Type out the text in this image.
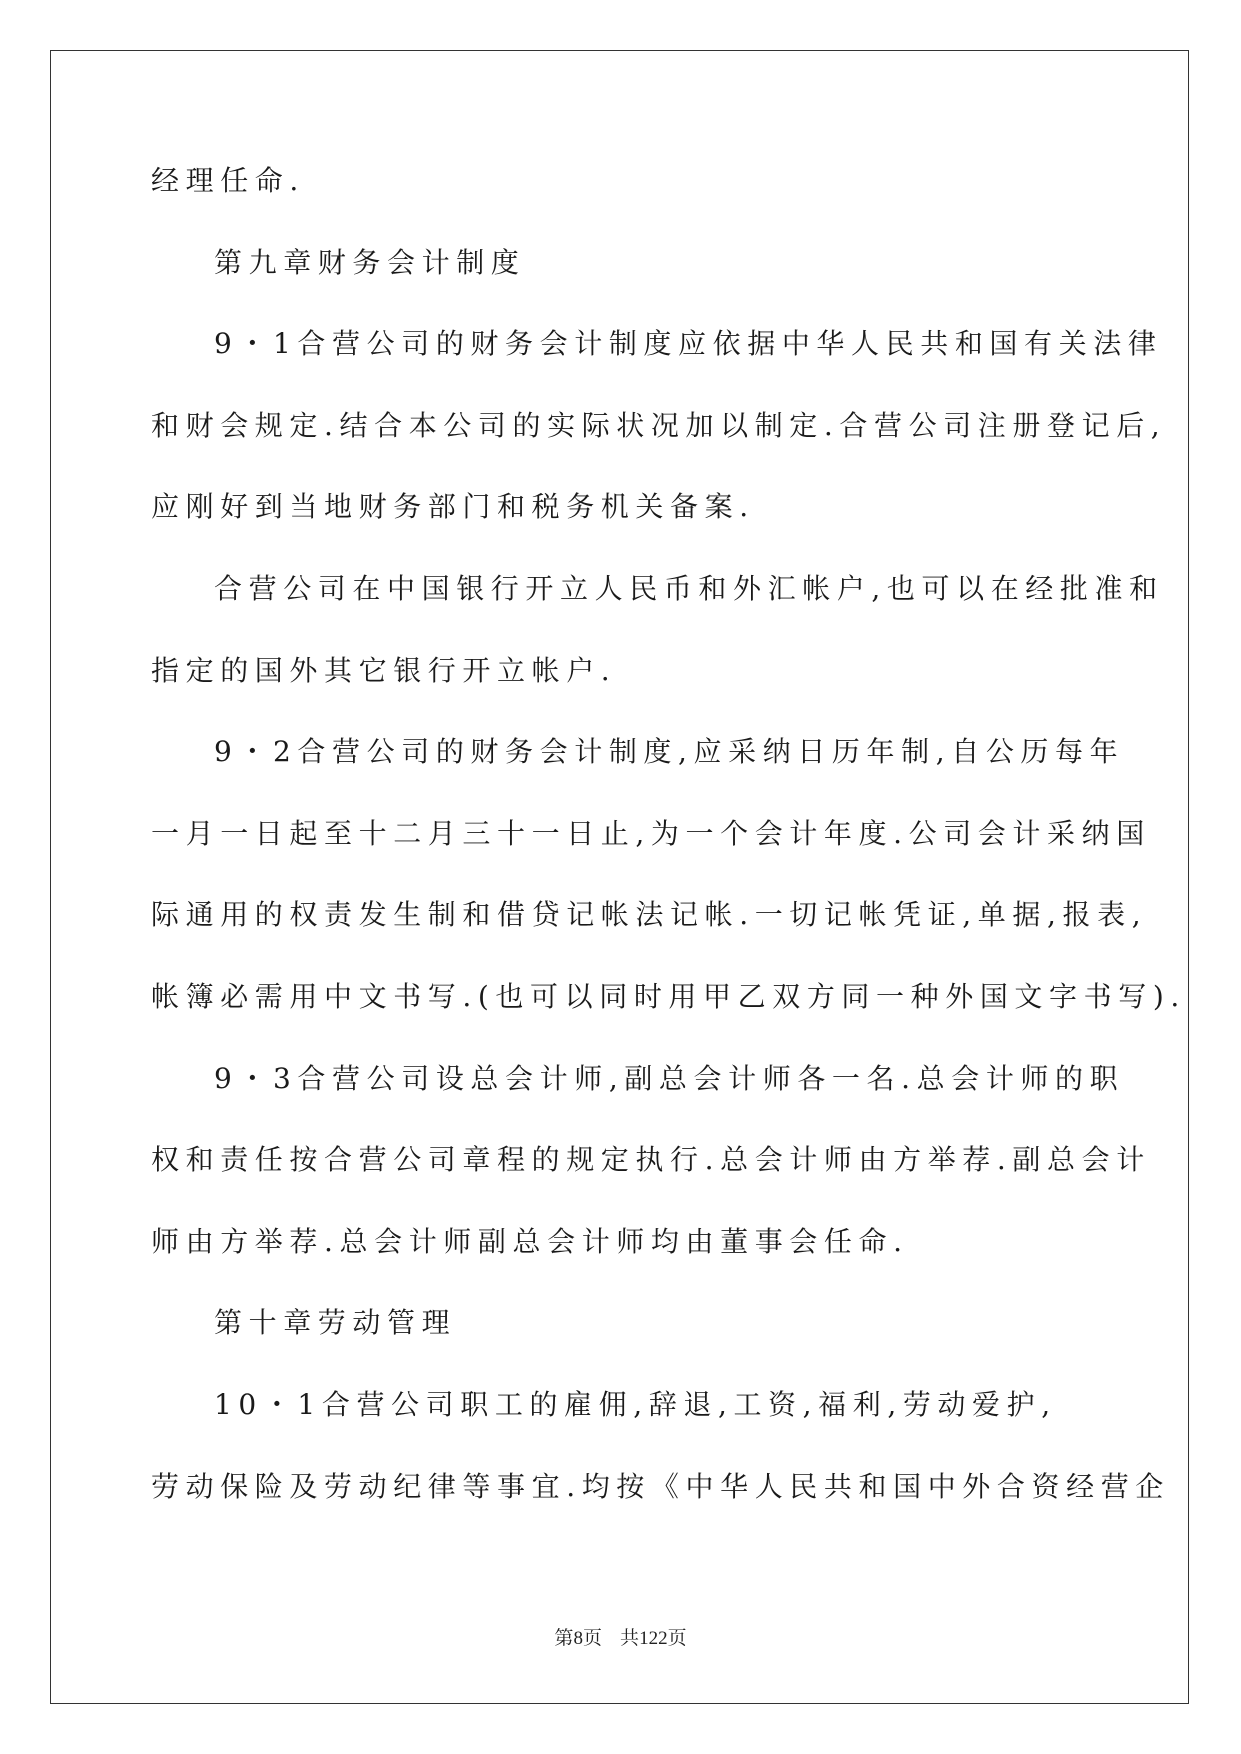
经理任命.
第九章财务会计制度
9・1合营公司的财务会计制度应依据中华人民共和国有关法律
和财会规定.结合本公司的实际状况加以制定.合营公司注册登记后,
应刚好到当地财务部门和税务机关备案.
合营公司在中国银行开立人民币和外汇帐户,也可以在经批准和
指定的国外其它银行开立帐户.
9・2合营公司的财务会计制度,应采纳日历年制,自公历每年
一月一日起至十二月三十一日止,为一个会计年度.公司会计采纳国
际通用的权责发生制和借贷记帐法记帐.一切记帐凭证,单据,报表,
帐簿必需用中文书写.(也可以同时用甲乙双方同一种外国文字书写).
9・3合营公司设总会计师,副总会计师各一名.总会计师的职
权和责任按合营公司章程的规定执行.总会计师由方举荐.副总会计
师由方举荐.总会计师副总会计师均由董事会任命.
第十章劳动管理
10・1合营公司职工的雇佣,辞退,工资,福利,劳动爱护,
劳动保险及劳动纪律等事宜.均按《中华人民共和国中外合资经营企
第8页   共122页
